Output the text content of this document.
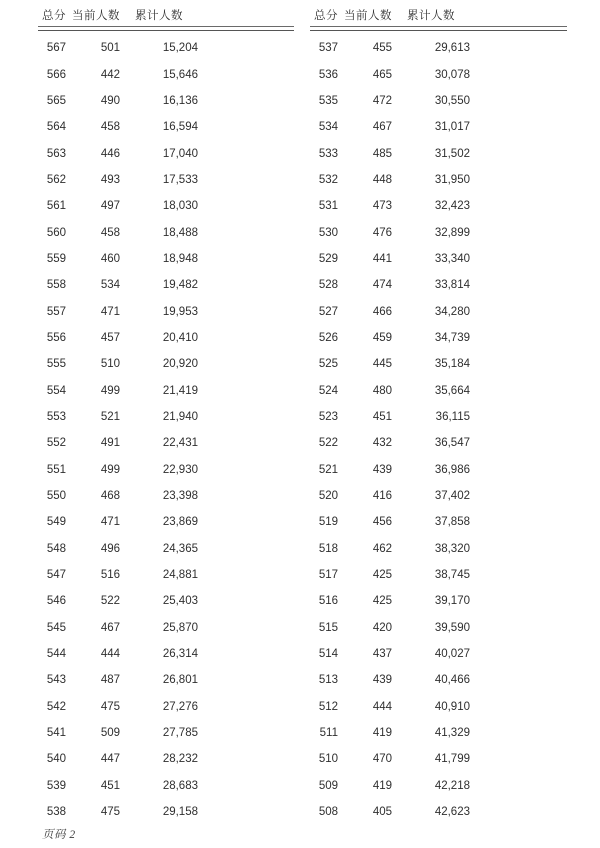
总分 当前人数	累计人数
567	501	15,204
566	442	15,646
565	490	16,136
564	458	16,594
563	446	17,040
562	493	17,533
561	497	18,030
560	458	18,488
559	460	18,948
558	534	19,482
557	471	19,953
556	457	20,410
555	510	20,920
554	499	21,419
553	521	21,940
552	491	22,431
551	499	22,930
550	468	23,398
549	471	23,869
548	496	24,365
547	516	24,881
546	522	25,403
545	467	25,870
544	444	26,314
543	487	26,801
542	475	27,276
541	509	27,785
540	447	28,232
539	451	28,683
538	475	29,158
总分 当前人数	累计人数
537	455	29,613
536	465	30,078
535	472	30,550
534	467	31,017
533	485	31,502
532	448	31,950
531	473	32,423
530	476	32,899
529	441	33,340
528	474	33,814
527	466	34,280
526	459	34,739
525	445	35,184
524	480	35,664
523	451	36,115
522	432	36,547
521	439	36,986
520	416	37,402
519	456	37,858
518	462	38,320
517	425	38,745
516	425	39,170
515	420	39,590
514	437	40,027
513	439	40,466
512	444	40,910
511	419	41,329
510	470	41,799
509	419	42,218
508	405	42,623
页码 2
